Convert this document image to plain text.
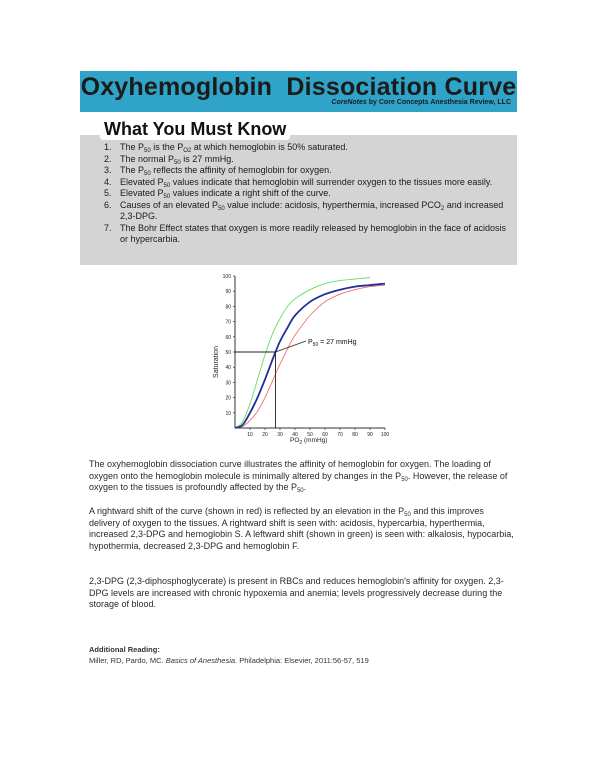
Oxyhemoglobin  Dissociation Curve
CoreNotes by Core Concepts Anesthesia Review, LLC
What You Must Know
1. The $P_{50}$ is the $P_{O2}$ at which hemoglobin is 50% saturated.
2. The normal $P_{50}$ is 27 mmHg.
3. The $P_{50}$ reflects the affinity of hemoglobin for oxygen.
4. Elevated $P_{50}$ values indicate that hemoglobin will surrender oxygen to the tissues more easily.
5. Elevated $P_{50}$ values indicate a right shift of the curve.
6. Causes of an elevated $P_{50}$ value include: acidosis, hyperthermia, increased $PCO_2$ and increased 2,3-DPG.
7. The Bohr Effect states that oxygen is more readily released by hemoglobin in the face of acidosis or hypercarbia.
Saturation
10
20
30
40
50
60
70
80
90
100
10 20 30 40 50 60 70 80 90 100
$P_{50} = 27$ mmHg
$PO_2$ (mmHg)

The oxyhemoglobin dissociation curve illustrates the affinity of hemoglobin for oxygen. The loading of oxygen onto the hemoglobin molecule is minimally altered by changes in the $P_{50}$. However, the release of oxygen to the tissues is profoundly affected by the $P_{50}$.

A rightward shift of the curve (shown in red) is reflected by an elevation in the $P_{50}$ and this improves delivery of oxygen to the tissues. A rightward shift is seen with: acidosis, hypercarbia, hyperthermia, increased 2,3-DPG and hemoglobin S. A leftward shift (shown in green) is seen with: alkalosis, hypocarbia, hypothermia, decreased 2,3-DPG and hemoglobin F.

2,3-DPG (2,3-diphosphoglycerate) is present in RBCs and reduces hemoglobin's affinity for oxygen. 2,3-DPG levels are increased with chronic hypoxemia and anemia; levels progressively decrease during the storage of blood.

Additional Reading:
Miller, RD, Pardo, MC. Basics of Anesthesia. Philadelphia: Elsevier, 2011:56-57, 519
